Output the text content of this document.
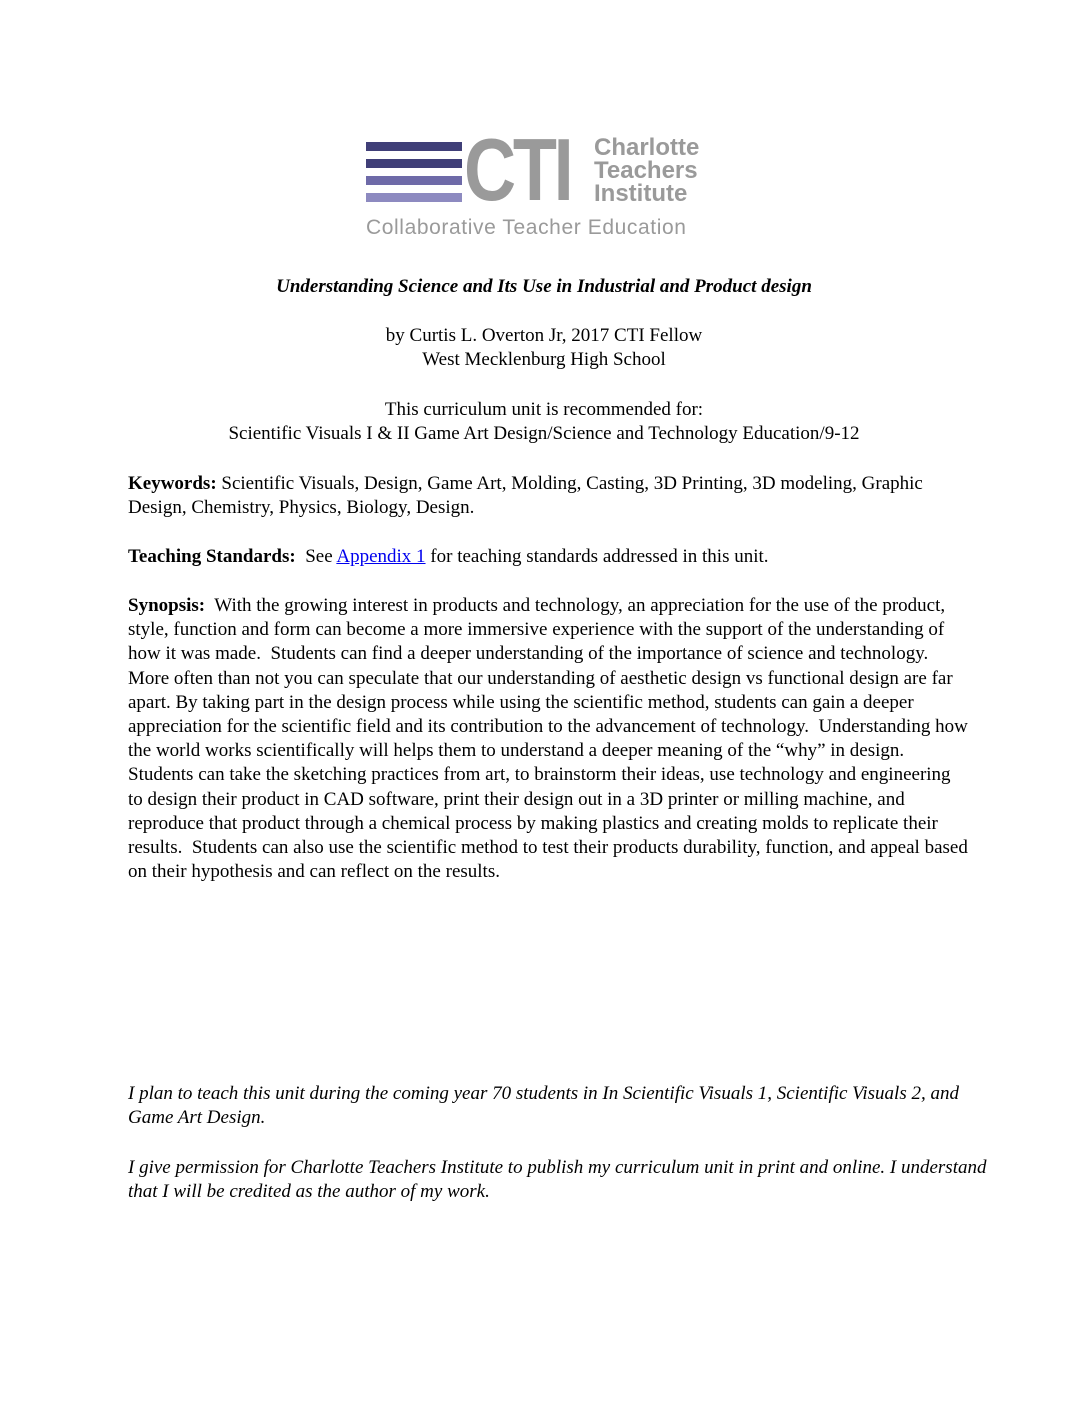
CTI Charlotte
Teachers
Institute
Collaborative Teacher Education
Understanding Science and Its Use in Industrial and Product design
by Curtis L. Overton Jr, 2017 CTI Fellow
West Mecklenburg High School
This curriculum unit is recommended for:
Scientific Visuals I & II Game Art Design/Science and Technology Education/9-12
Keywords: Scientific Visuals, Design, Game Art, Molding, Casting, 3D Printing, 3D modeling, Graphic Design, Chemistry, Physics, Biology, Design.
Teaching Standards:  See Appendix 1 for teaching standards addressed in this unit.
Synopsis:  With the growing interest in products and technology, an appreciation for the use of the product, style, function and form can become a more immersive experience with the support of the understanding of how it was made.  Students can find a deeper understanding of the importance of science and technology.  More often than not you can speculate that our understanding of aesthetic design vs functional design are far apart. By taking part in the design process while using the scientific method, students can gain a deeper appreciation for the scientific field and its contribution to the advancement of technology.  Understanding how the world works scientifically will helps them to understand a deeper meaning of the “why” in design.  Students can take the sketching practices from art, to brainstorm their ideas, use technology and engineering to design their product in CAD software, print their design out in a 3D printer or milling machine, and reproduce that product through a chemical process by making plastics and creating molds to replicate their results.  Students can also use the scientific method to test their products durability, function, and appeal based on their hypothesis and can reflect on the results.
I plan to teach this unit during the coming year 70 students in In Scientific Visuals 1, Scientific Visuals 2, and Game Art Design.
I give permission for Charlotte Teachers Institute to publish my curriculum unit in print and online. I understand that I will be credited as the author of my work.
